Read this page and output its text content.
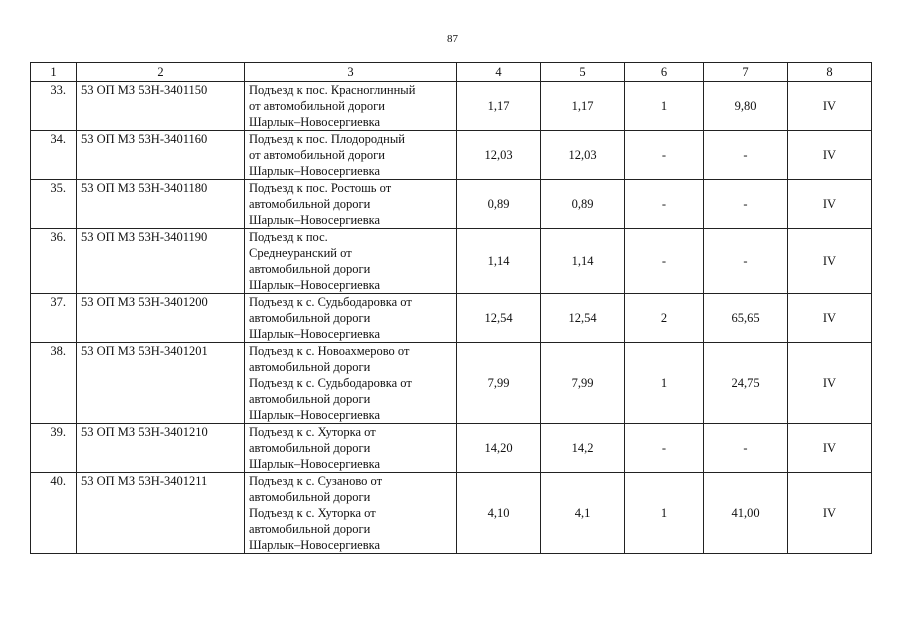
87
1	2	3	4	5	6	7	8
33.	53 ОП МЗ 53Н-3401150	Подъезд к пос. Красноглинный
от автомобильной дороги
Шарлык–Новосергиевка	1,17	1,17	1	9,80	IV
34.	53 ОП МЗ 53Н-3401160	Подъезд к пос. Плодородный
от автомобильной дороги
Шарлык–Новосергиевка	12,03	12,03	-	-	IV
35.	53 ОП МЗ 53Н-3401180	Подъезд к пос. Ростошь от
автомобильной дороги
Шарлык–Новосергиевка	0,89	0,89	-	-	IV
36.	53 ОП МЗ 53Н-3401190	Подъезд к пос.
Среднеуранский от
автомобильной дороги
Шарлык–Новосергиевка	1,14	1,14	-	-	IV
37.	53 ОП МЗ 53Н-3401200	Подъезд к с. Судьбодаровка от
автомобильной дороги
Шарлык–Новосергиевка	12,54	12,54	2	65,65	IV
38.	53 ОП МЗ 53Н-3401201	Подъезд к с. Новоахмерово от
автомобильной дороги
Подъезд к с. Судьбодаровка от
автомобильной дороги
Шарлык–Новосергиевка	7,99	7,99	1	24,75	IV
39.	53 ОП МЗ 53Н-3401210	Подъезд к с. Хуторка от
автомобильной дороги
Шарлык–Новосергиевка	14,20	14,2	-	-	IV
40.	53 ОП МЗ 53Н-3401211	Подъезд к с. Сузаново от
автомобильной дороги
Подъезд к с. Хуторка от
автомобильной дороги
Шарлык–Новосергиевка	4,10	4,1	1	41,00	IV
